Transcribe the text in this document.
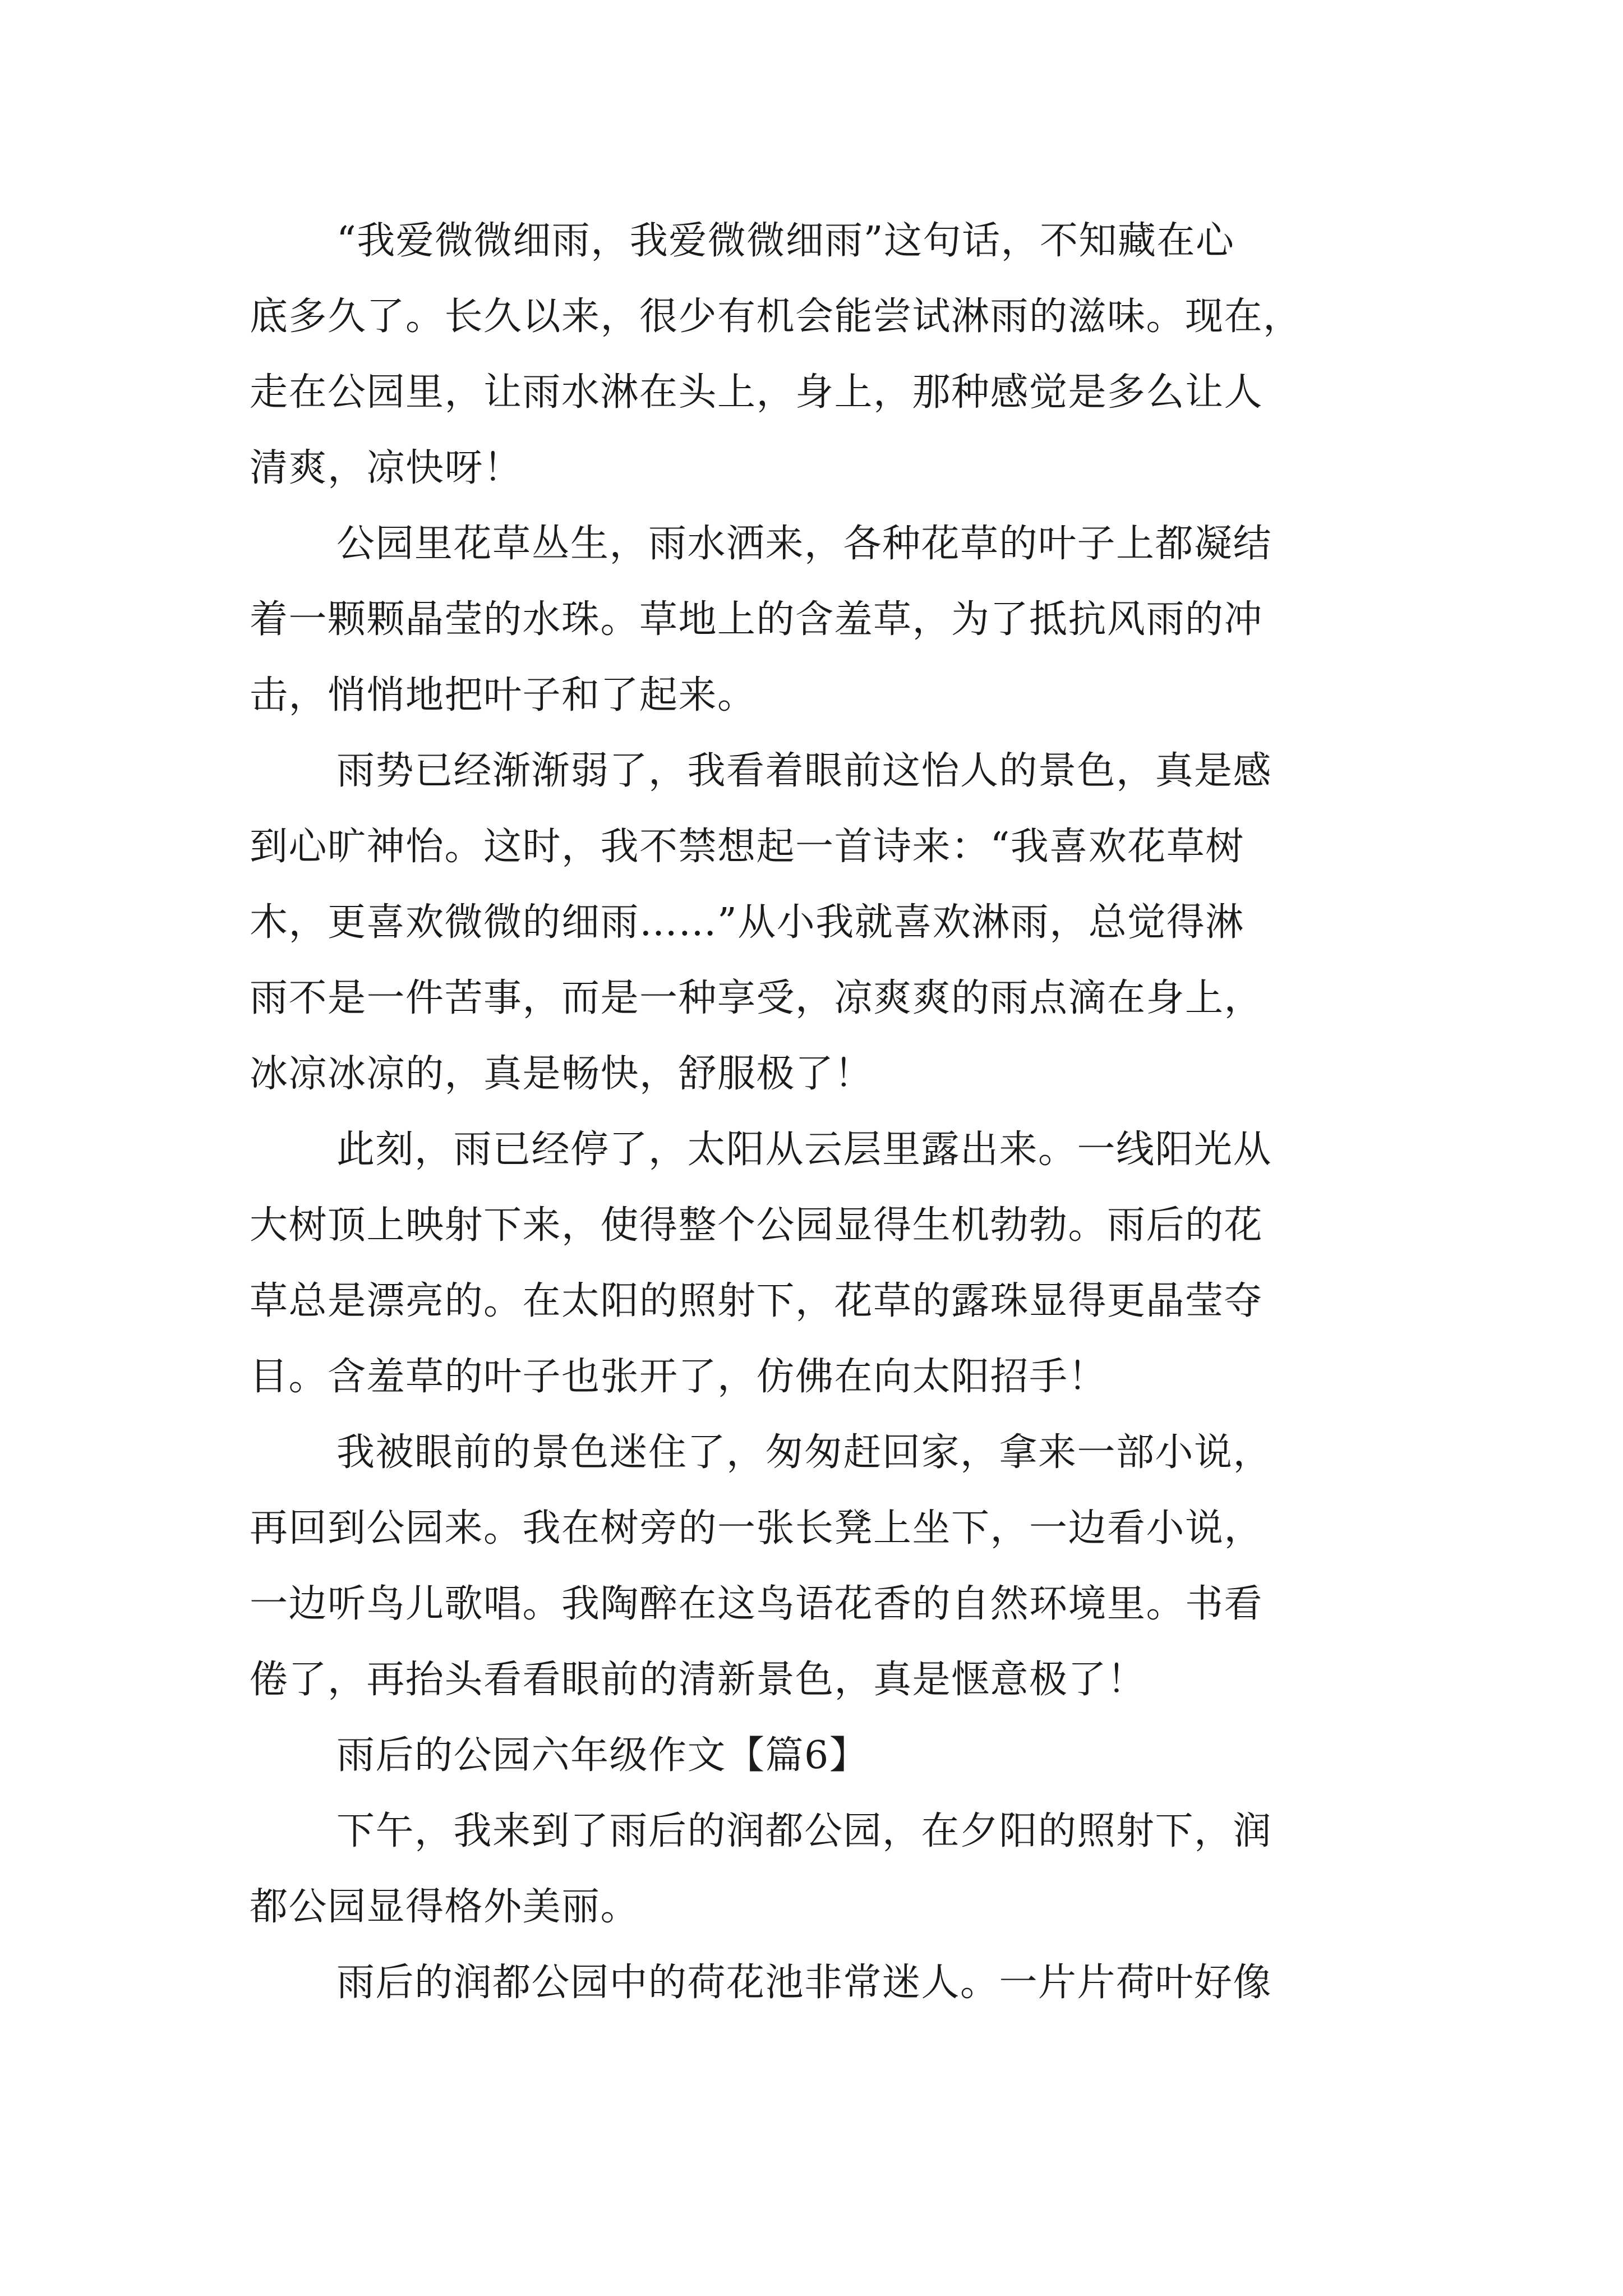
“我爱微微细雨，我爱微微细雨”这句话，不知藏在心
底多久了。长久以来，很少有机会能尝试淋雨的滋味。现在，
走在公园里，让雨水淋在头上，身上，那种感觉是多么让人
清爽，凉快呀！
公园里花草丛生，雨水洒来，各种花草的叶子上都凝结
着一颗颗晶莹的水珠。草地上的含羞草，为了抵抗风雨的冲
击，悄悄地把叶子和了起来。
雨势已经渐渐弱了，我看着眼前这怡人的景色，真是感
到心旷神怡。这时，我不禁想起一首诗来：“我喜欢花草树
木，更喜欢微微的细雨……”从小我就喜欢淋雨，总觉得淋
雨不是一件苦事，而是一种享受，凉爽爽的雨点滴在身上，
冰凉冰凉的，真是畅快，舒服极了！
此刻，雨已经停了，太阳从云层里露出来。一线阳光从
大树顶上映射下来，使得整个公园显得生机勃勃。雨后的花
草总是漂亮的。在太阳的照射下，花草的露珠显得更晶莹夺
目。含羞草的叶子也张开了，仿佛在向太阳招手！
我被眼前的景色迷住了，匆匆赶回家，拿来一部小说，
再回到公园来。我在树旁的一张长凳上坐下，一边看小说，
一边听鸟儿歌唱。我陶醉在这鸟语花香的自然环境里。书看
倦了，再抬头看看眼前的清新景色，真是惬意极了！
雨后的公园六年级作文【篇6】
下午，我来到了雨后的润都公园，在夕阳的照射下，润
都公园显得格外美丽。
雨后的润都公园中的荷花池非常迷人。一片片荷叶好像
